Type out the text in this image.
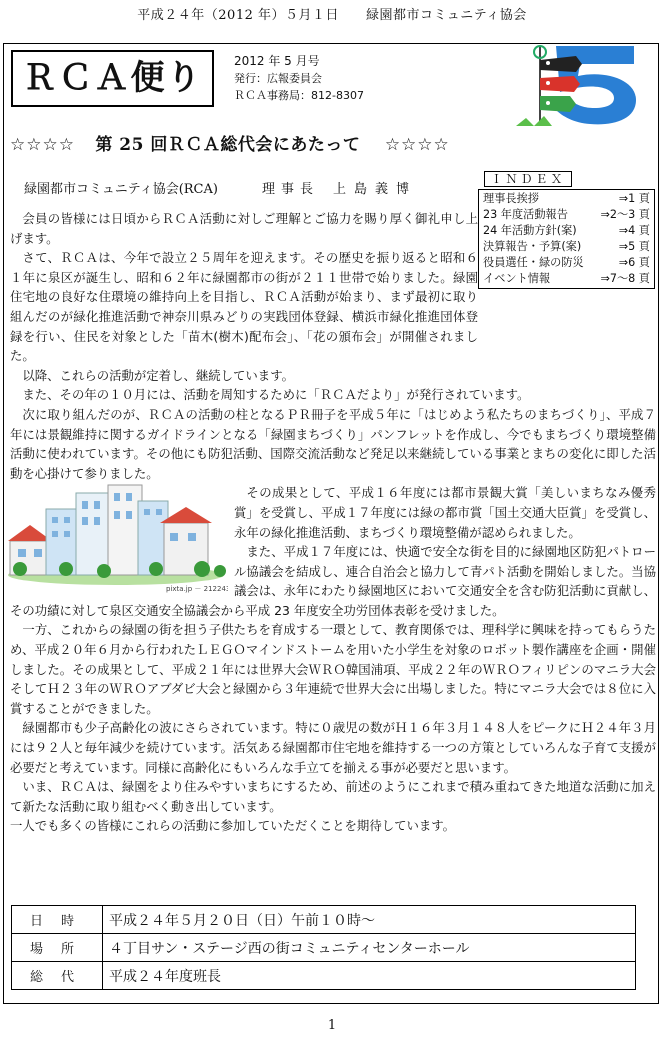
平成２４年（2012 年）５月１日　　緑園都市コミュニティ協会
ＲＣＡ便り	2012 年 5 月号
発行：広報委員会
ＲＣＡ事務局：812-8307
☆☆☆☆ 第 25 回ＲＣＡ総代会にあたって ☆☆☆☆
緑園都市コミュニティ協会(RCA)	理事長 上島義博
ＩＮＤＥＸ
理事長挨拶	⇒1 頁
23 年度活動報告	⇒2～3 頁
24 年活動方針(案)	⇒4 頁
決算報告・予算(案)	⇒5 頁
役員選任・緑の防災	⇒6 頁
イベント情報	⇒7～8 頁

会員の皆様には日頃からＲＣＡ活動に対しご理解とご協力を賜り厚く御礼申し上げます。

さて、ＲＣＡは、今年で設立２５周年を迎えます。その歴史を振り返ると昭和６１年に泉区が誕生し、昭和６２年に緑園都市の街が２１１世帯で始りました。緑園住宅地の良好な住環境の維持向上を目指し、ＲＣＡ活動が始まり、まず最初に取り組んだのが緑化推進活動で神奈川県みどりの実践団体登録、横浜市緑化推進団体登録を行い、住民を対象とした「苗木(樹木)配布会」、「花の頒布会」が開催されました。

以降、これらの活動が定着し、継続しています。

また、その年の１０月には、活動を周知するために「ＲＣＡだより」が発行されています。

次に取り組んだのが、ＲＣＡの活動の柱となるＰＲ冊子を平成５年に「はじめよう私たちのまちづくり」、平成７年には景観維持に関するガイドラインとなる「緑園まちづくり」パンフレットを作成し、今でもまちづくり環境整備活動に使われています。その他にも防犯活動、国際交流活動など発足以来継続している事業とまちの変化に即した活動を心掛けて参りました。

pixta.jp － 2122437

その成果として、平成１６年度には都市景観大賞「美しいまちなみ優秀賞」を受賞し、平成１７年度には緑の都市賞「国土交通大臣賞」を受賞し、永年の緑化推進活動、まちづくり環境整備が認められました。

また、平成１７年度には、快適で安全な街を目的に緑園地区防犯パトロール協議会を結成し、連合自治会と協力して青パト活動を開始しました。当協議会は、永年にわたり緑園地区において交通安全を含む防犯活動に貢献し、その功績に対して泉区交通安全協議会から平成 23 年度安全功労団体表彰を受けました。

一方、これからの緑園の街を担う子供たちを育成する一環として、教育関係では、理科学に興味を持ってもらうため、平成２０年６月から行われたＬＥＧＯマインドストームを用いた小学生を対象のロボット製作講座を企画・開催しました。その成果として、平成２１年には世界大会ＷＲＯ韓国浦項、平成２２年のＷＲＯフィリピンのマニラ大会そしてＨ２３年のＷＲＯアブダビ大会と緑園から３年連続で世界大会に出場しました。特にマニラ大会では８位に入賞することができました。

緑園都市も少子高齢化の波にさらされています。特に０歳児の数がＨ１６年３月１４８人をピークにＨ２４年３月には９２人と毎年減少を続けています。活気ある緑園都市住宅地を維持する一つの方策としていろんな子育て支援が必要だと考えています。同様に高齢化にもいろんな手立てを揃える事が必要だと思います。

いま、ＲＣＡは、緑園をより住みやすいまちにするため、前述のようにこれまで積み重ねてきた地道な活動に加えて新たな活動に取り組むべく動き出しています。

一人でも多くの皆様にこれらの活動に参加していただくことを期待しています。

日時	平成２４年５月２０日（日）午前１０時～
場所	４丁目サン・ステージ西の街コミュニティセンターホール
総代	平成２４年度班長
1
